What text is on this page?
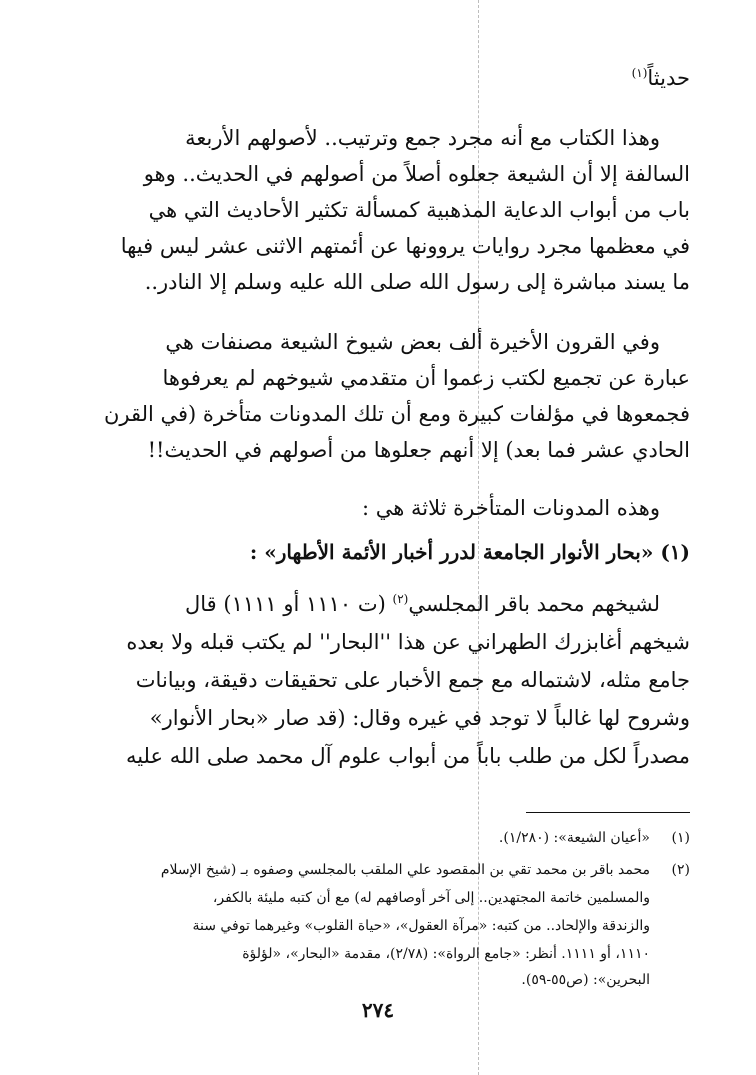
حديثاً$^{(١)}$
وهذا الكتاب مع أنه مجرد جمع وترتيب.. لأصولهم الأربعة
السالفة إلا أن الشيعة جعلوه أصلاً من أصولهم في الحديث.. وهو
باب من أبواب الدعاية المذهبية كمسألة تكثير الأحاديث التي هي
في معظمها مجرد روايات يروونها عن أئمتهم الاثنى عشر ليس فيها
ما يسند مباشرة إلى رسول الله صلى الله عليه وسلم إلا النادر..
وفي القرون الأخيرة ألف بعض شيوخ الشيعة مصنفات هي
عبارة عن تجميع لكتب زعموا أن متقدمي شيوخهم لم يعرفوها
فجمعوها في مؤلفات كبيرة ومع أن تلك المدونات متأخرة (في القرن
الحادي عشر فما بعد) إلا أنهم جعلوها من أصولهم في الحديث!!
وهذه المدونات المتأخرة ثلاثة هي :
(١) «بحار الأنوار الجامعة لدرر أخبار الأئمة الأطهار» :
لشيخهم محمد باقر المجلسي$^{(٢)}$ (ت ١١١٠ أو ١١١١) قال
شيخهم أغابزرك الطهراني عن هذا ''البحار'' لم يكتب قبله ولا بعده
جامع مثله، لاشتماله مع جمع الأخبار على تحقيقات دقيقة، وبيانات
وشروح لها غالباً لا توجد في غيره وقال: (قد صار «بحار الأنوار»
مصدراً لكل من طلب باباً من أبواب علوم آل محمد صلى الله عليه
(١)«أعيان الشيعة»: (١/٢٨٠).
(٢)محمد باقر بن محمد تقي بن المقصود علي الملقب بالمجلسي وصفوه بـ (شيخ الإسلام
والمسلمين خاتمة المجتهدين.. إلى آخر أوصافهم له) مع أن كتبه مليئة بالكفر،
والزندقة والإلحاد.. من كتبه: «مرآة العقول»، «حياة القلوب» وغيرهما توفي سنة
١١١٠، أو ١١١١. أنظر: «جامع الرواة»: (٢/٧٨)، مقدمة «البحار»، «لؤلؤة
البحرين»: (ص٥٥-٥٩).
٢٧٤
